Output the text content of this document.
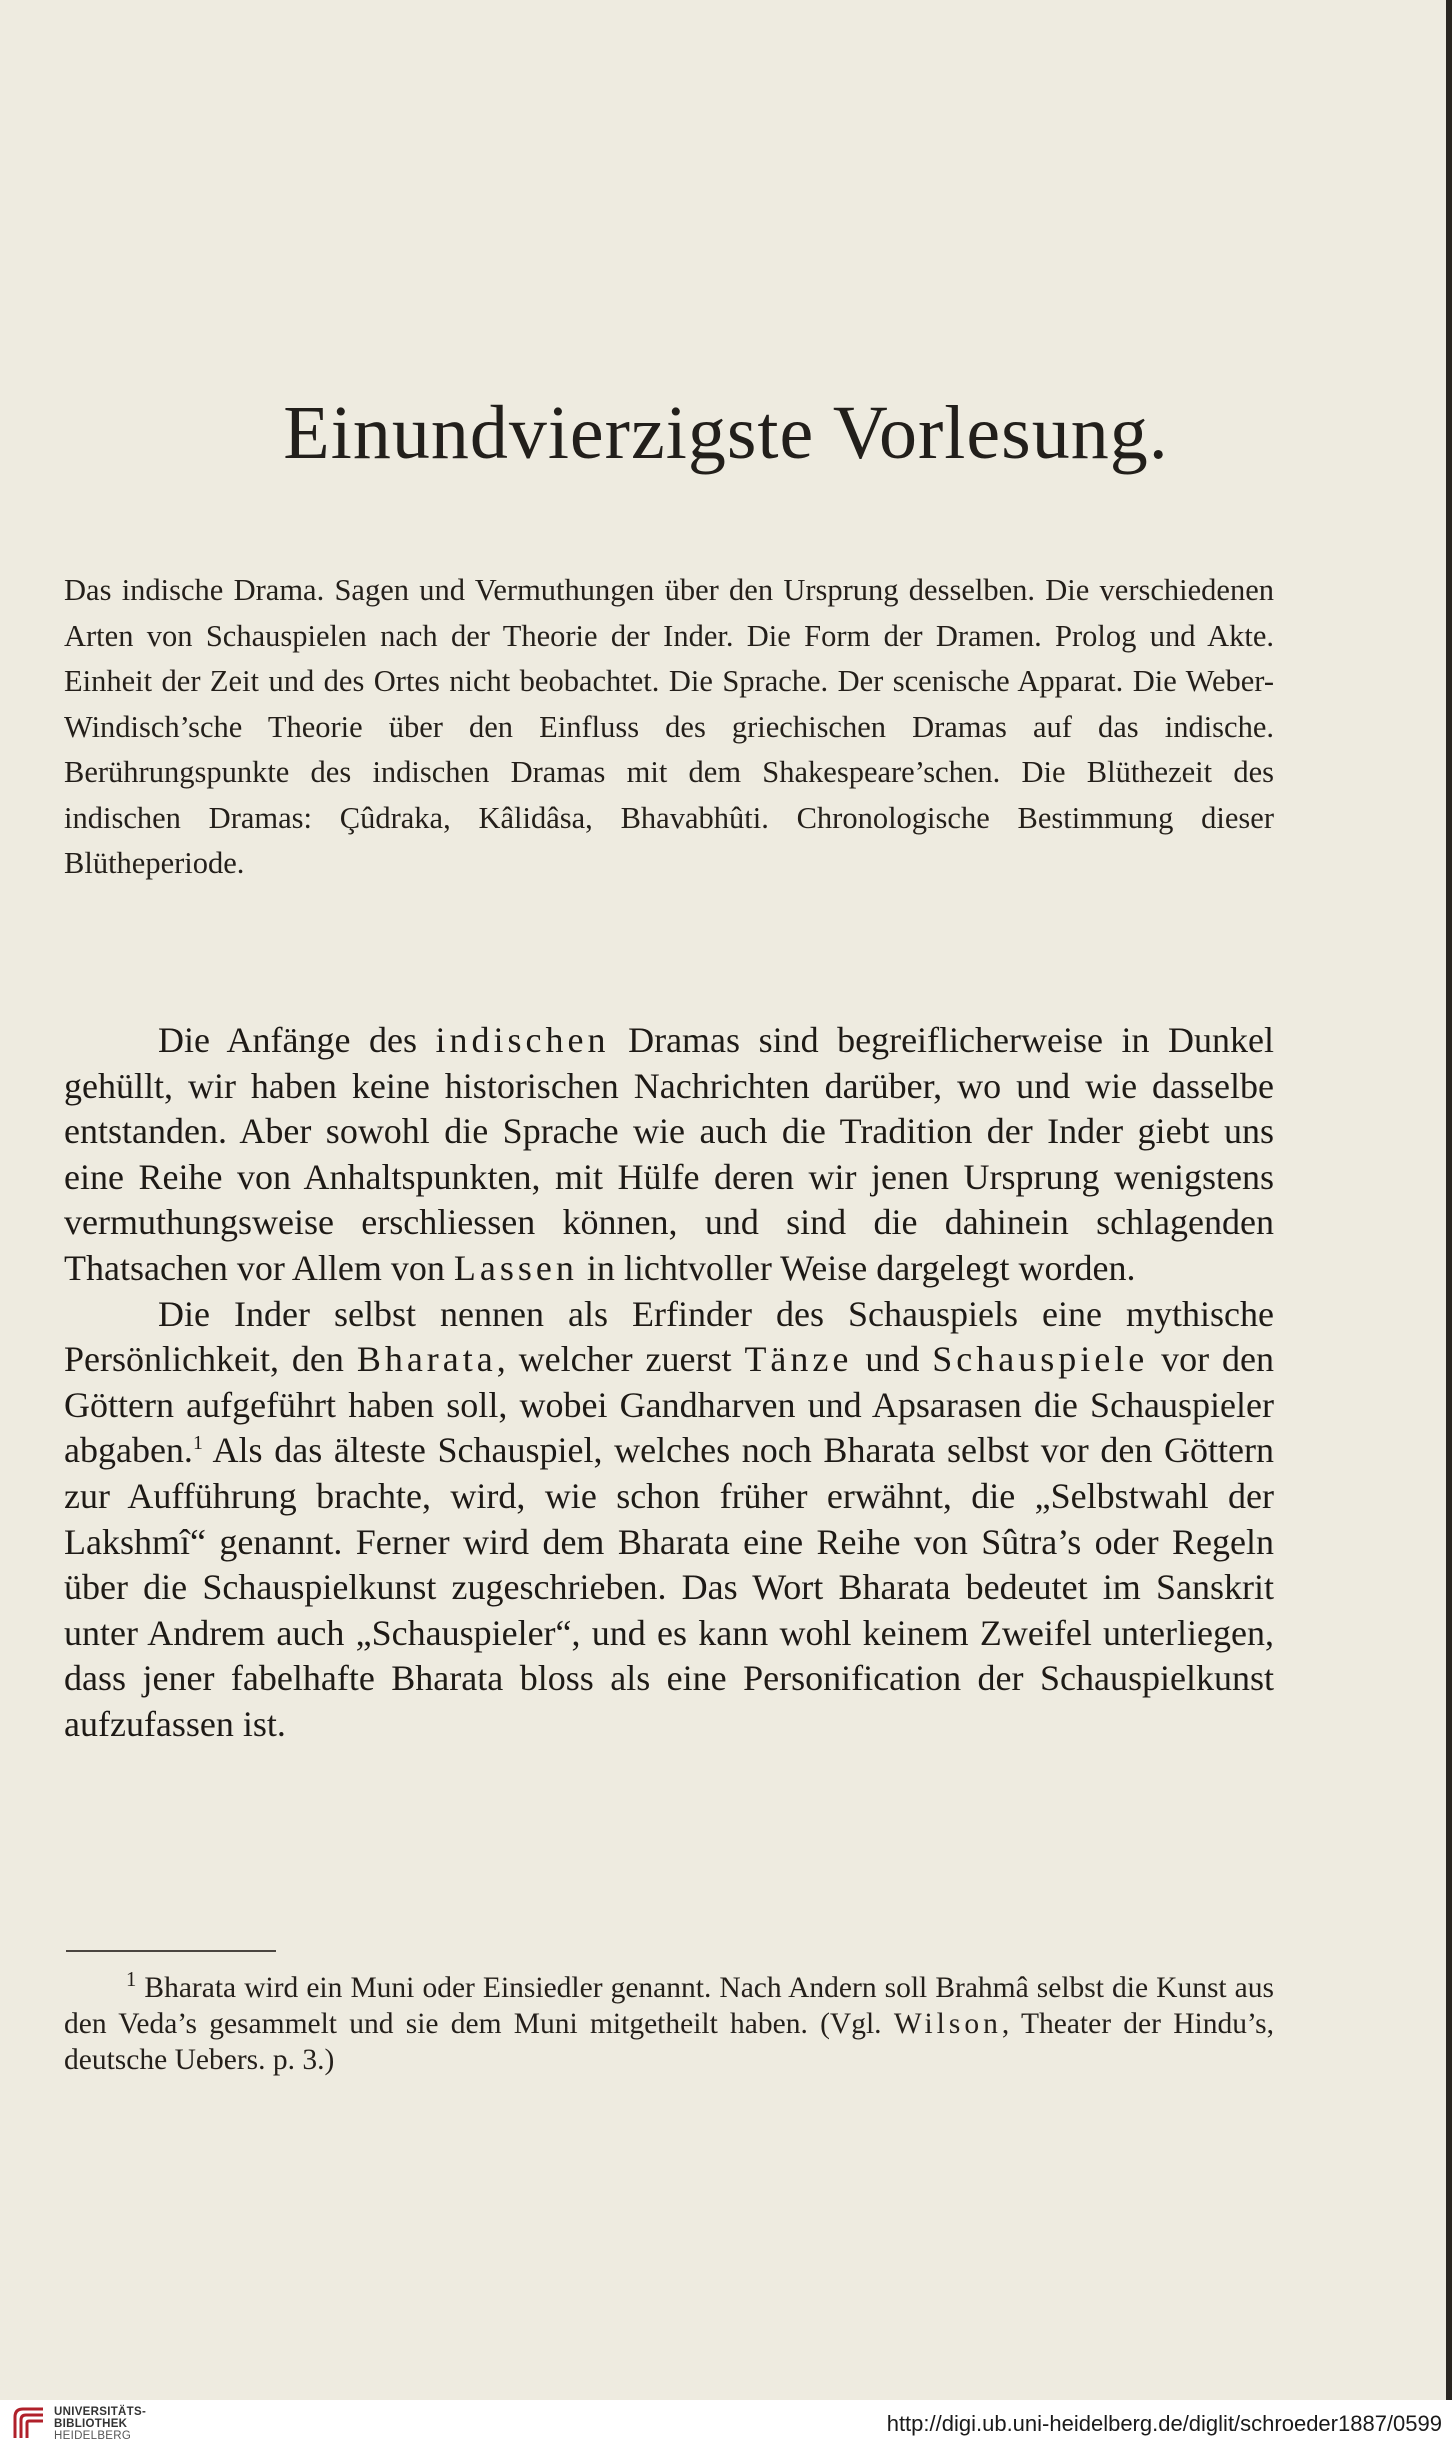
Einundvierzigste Vorlesung.

Das indische Drama. Sagen und Vermuthungen über den Ursprung desselben. Die verschiedenen Arten von Schauspielen nach der Theorie der Inder. Die Form der Dramen. Prolog und Akte. Einheit der Zeit und des Ortes nicht beobachtet. Die Sprache. Der scenische Apparat. Die Weber-Windisch’sche Theorie über den Einfluss des griechischen Dramas auf das indische. Berührungspunkte des indischen Dramas mit dem Shakespeare’schen. Die Blüthezeit des indischen Dramas: Çûdraka, Kâlidâsa, Bhavabhûti. Chronologische Bestimmung dieser Blütheperiode.

Die Anfänge des indischen Dramas sind begreiflicherweise in Dunkel gehüllt, wir haben keine historischen Nachrichten darüber, wo und wie dasselbe entstanden. Aber sowohl die Sprache wie auch die Tradition der Inder giebt uns eine Reihe von Anhaltspunkten, mit Hülfe deren wir jenen Ursprung wenigstens vermuthungsweise erschliessen können, und sind die dahinein schlagenden Thatsachen vor Allem von Lassen in lichtvoller Weise dargelegt worden.

Die Inder selbst nennen als Erfinder des Schauspiels eine mythische Persönlichkeit, den Bharata, welcher zuerst Tänze und Schauspiele vor den Göttern aufgeführt haben soll, wobei Gandharven und Apsarasen die Schauspieler abgaben.$^1$ Als das älteste Schauspiel, welches noch Bharata selbst vor den Göttern zur Aufführung brachte, wird, wie schon früher erwähnt, die „Selbstwahl der Lakshmî“ genannt. Ferner wird dem Bharata eine Reihe von Sûtra’s oder Regeln über die Schauspielkunst zugeschrieben. Das Wort Bharata bedeutet im Sanskrit unter Andrem auch „Schauspieler“, und es kann wohl keinem Zweifel unterliegen, dass jener fabelhafte Bharata bloss als eine Personification der Schauspielkunst aufzufassen ist.

$^1$ Bharata wird ein Muni oder Einsiedler genannt. Nach Andern soll Brahmâ selbst die Kunst aus den Veda’s gesammelt und sie dem Muni mitgetheilt haben. (Vgl. Wilson, Theater der Hindu’s, deutsche Uebers. p. 3.)

UNIVERSITÄTS-
BIBLIOTHEK
HEIDELBERG	http://digi.ub.uni-heidelberg.de/diglit/schroeder1887/0599
